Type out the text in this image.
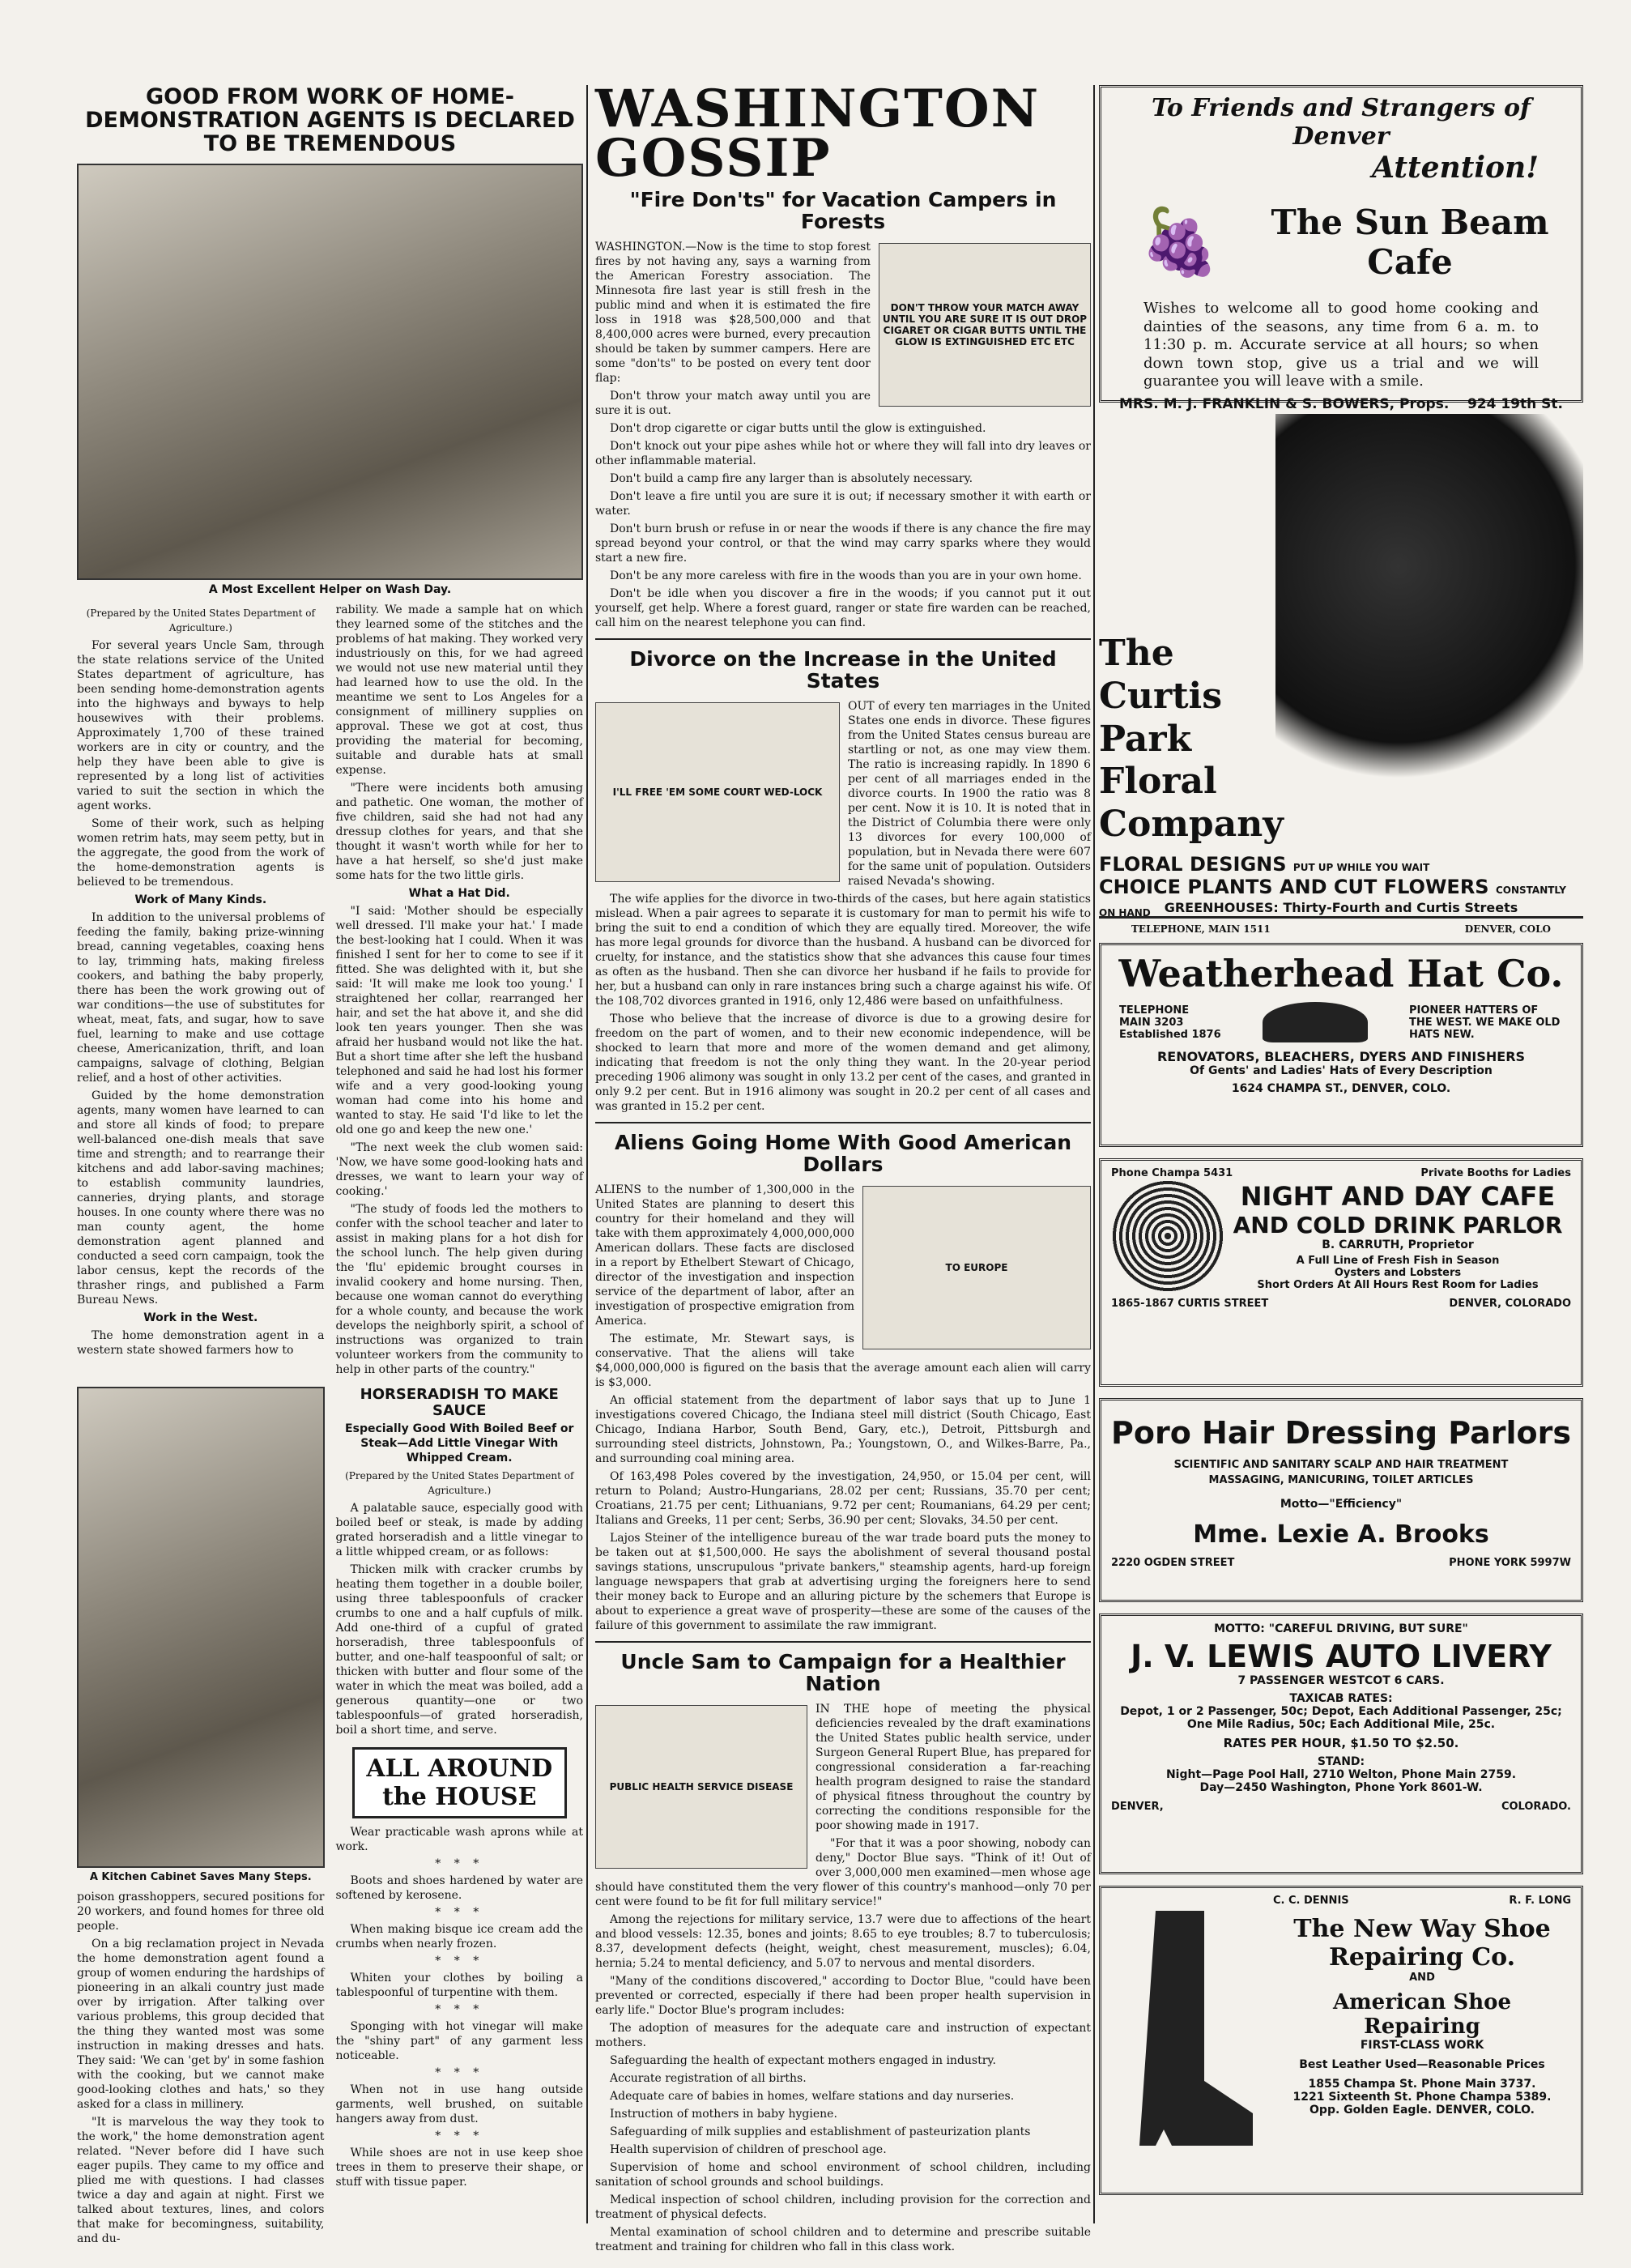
GOOD FROM WORK OF HOME-DEMONSTRATION AGENTS IS DECLARED TO BE TREMENDOUS
A Most Excellent Helper on Wash Day.

(Prepared by the United States Department of Agriculture.)

For several years Uncle Sam, through the state relations service of the United States department of agriculture, has been sending home-demonstration agents into the highways and byways to help housewives with their problems. Approximately 1,700 of these trained workers are in city or country, and the help they have been able to give is represented by a long list of activities varied to suit the section in which the agent works.

Some of their work, such as helping women retrim hats, may seem petty, but in the aggregate, the good from the work of the home-demonstration agents is believed to be tremendous.

Work of Many Kinds.

In addition to the universal problems of feeding the family, baking prize-winning bread, canning vegetables, coaxing hens to lay, trimming hats, making fireless cookers, and bathing the baby properly, there has been the work growing out of war conditions—the use of substitutes for wheat, meat, fats, and sugar, how to save fuel, learning to make and use cottage cheese, Americanization, thrift, and loan campaigns, salvage of clothing, Belgian relief, and a host of other activities.

Guided by the home demonstration agents, many women have learned to can and store all kinds of food; to prepare well-balanced one-dish meals that save time and strength; and to rearrange their kitchens and add labor-saving machines; to establish community laundries, canneries, drying plants, and storage houses. In one county where there was no man county agent, the home demonstration agent planned and conducted a seed corn campaign, took the labor census, kept the records of the thrasher rings, and published a Farm Bureau News.

Work in the West.

The home demonstration agent in a western state showed farmers how to

rability. We made a sample hat on which they learned some of the stitches and the problems of hat making. They worked very industriously on this, for we had agreed we would not use new material until they had learned how to use the old. In the meantime we sent to Los Angeles for a consignment of millinery supplies on approval. These we got at cost, thus providing the material for becoming, suitable and durable hats at small expense.

"There were incidents both amusing and pathetic. One woman, the mother of five children, said she had not had any dressup clothes for years, and that she thought it wasn't worth while for her to have a hat herself, so she'd just make some hats for the two little girls.

What a Hat Did.

"I said: 'Mother should be especially well dressed. I'll make your hat.' I made the best-looking hat I could. When it was finished I sent for her to come to see if it fitted. She was delighted with it, but she said: 'It will make me look too young.' I straightened her collar, rearranged her hair, and set the hat above it, and she did look ten years younger. Then she was afraid her husband would not like the hat. But a short time after she left the husband telephoned and said he had lost his former wife and a very good-looking young woman had come into his home and wanted to stay. He said 'I'd like to let the old one go and keep the new one.'

"The next week the club women said: 'Now, we have some good-looking hats and dresses, we want to learn your way of cooking.'

"The study of foods led the mothers to confer with the school teacher and later to assist in making plans for a hot dish for the school lunch. The help given during the 'flu' epidemic brought courses in invalid cookery and home nursing. Then, because one woman cannot do everything for a whole county, and because the work develops the neighborly spirit, a school of instructions was organized to train volunteer workers from the community to help in other parts of the country."

A Kitchen Cabinet Saves Many Steps.

poison grasshoppers, secured positions for 20 workers, and found homes for three old people.

On a big reclamation project in Nevada the home demonstration agent found a group of women enduring the hardships of pioneering in an alkali country just made over by irrigation. After talking over various problems, this group decided that the thing they wanted most was some instruction in making dresses and hats. They said: 'We can 'get by' in some fashion with the cooking, but we cannot make good-looking clothes and hats,' so they asked for a class in millinery.

"It is marvelous the way they took to the work," the home demonstration agent related. "Never before did I have such eager pupils. They came to my office and plied me with questions. I had classes twice a day and again at night. First we talked about textures, lines, and colors that make for becomingness, suitability, and du-

HORSERADISH TO MAKE SAUCE

Especially Good With Boiled Beef or Steak—Add Little Vinegar With Whipped Cream.

(Prepared by the United States Department of Agriculture.)

A palatable sauce, especially good with boiled beef or steak, is made by adding grated horseradish and a little vinegar to a little whipped cream, or as follows:

Thicken milk with cracker crumbs by heating them together in a double boiler, using three tablespoonfuls of cracker crumbs to one and a half cupfuls of milk. Add one-third of a cupful of grated horseradish, three tablespoonfuls of butter, and one-half teaspoonful of salt; or thicken with butter and flour some of the water in which the meat was boiled, add a generous quantity—one or two tablespoonfuls—of grated horseradish, boil a short time, and serve.

ALL AROUND the HOUSE

Wear practicable wash aprons while at work.

* * *

Boots and shoes hardened by water are softened by kerosene.

* * *

When making bisque ice cream add the crumbs when nearly frozen.

* * *

Whiten your clothes by boiling a tablespoonful of turpentine with them.

* * *

Sponging with hot vinegar will make the "shiny part" of any garment less noticeable.

* * *

When not in use hang outside garments, well brushed, on suitable hangers away from dust.

* * *

While shoes are not in use keep shoe trees in them to preserve their shape, or stuff with tissue paper.

WASHINGTON GOSSIP
"Fire Don'ts" for Vacation Campers in Forests
DON'T THROW YOUR MATCH AWAY UNTIL YOU ARE SURE IT IS OUT DROP CIGARET OR CIGAR BUTTS UNTIL THE GLOW IS EXTINGUISHED ETC ETC

WASHINGTON.—Now is the time to stop forest fires by not having any, says a warning from the American Forestry association. The Minnesota fire last year is still fresh in the public mind and when it is estimated the fire loss in 1918 was $28,500,000 and that 8,400,000 acres were burned, every precaution should be taken by summer campers. Here are some "don'ts" to be posted on every tent door flap:

Don't throw your match away until you are sure it is out.

Don't drop cigarette or cigar butts until the glow is extinguished.

Don't knock out your pipe ashes while hot or where they will fall into dry leaves or other inflammable material.

Don't build a camp fire any larger than is absolutely necessary.

Don't leave a fire until you are sure it is out; if necessary smother it with earth or water.

Don't burn brush or refuse in or near the woods if there is any chance the fire may spread beyond your control, or that the wind may carry sparks where they would start a new fire.

Don't be any more careless with fire in the woods than you are in your own home.

Don't be idle when you discover a fire in the woods; if you cannot put it out yourself, get help. Where a forest guard, ranger or state fire warden can be reached, call him on the nearest telephone you can find.

Divorce on the Increase in the United States
I'LL FREE 'EM SOME COURT WED-LOCK

OUT of every ten marriages in the United States one ends in divorce. These figures from the United States census bureau are startling or not, as one may view them. The ratio is increasing rapidly. In 1890 6 per cent of all marriages ended in the divorce courts. In 1900 the ratio was 8 per cent. Now it is 10. It is noted that in the District of Columbia there were only 13 divorces for every 100,000 of population, but in Nevada there were 607 for the same unit of population. Outsiders raised Nevada's showing.

The wife applies for the divorce in two-thirds of the cases, but here again statistics mislead. When a pair agrees to separate it is customary for man to permit his wife to bring the suit to end a condition of which they are equally tired. Moreover, the wife has more legal grounds for divorce than the husband. A husband can be divorced for cruelty, for instance, and the statistics show that she advances this cause four times as often as the husband. Then she can divorce her husband if he fails to provide for her, but a husband can only in rare instances bring such a charge against his wife. Of the 108,702 divorces granted in 1916, only 12,486 were based on unfaithfulness.

Those who believe that the increase of divorce is due to a growing desire for freedom on the part of women, and to their new economic independence, will be shocked to learn that more and more of the women demand and get alimony, indicating that freedom is not the only thing they want. In the 20-year period preceding 1906 alimony was sought in only 13.2 per cent of the cases, and granted in only 9.2 per cent. But in 1916 alimony was sought in 20.2 per cent of all cases and was granted in 15.2 per cent.

Aliens Going Home With Good American Dollars
TO EUROPE

ALIENS to the number of 1,300,000 in the United States are planning to desert this country for their homeland and they will take with them approximately 4,000,000,000 American dollars. These facts are disclosed in a report by Ethelbert Stewart of Chicago, director of the investigation and inspection service of the department of labor, after an investigation of prospective emigration from America.

The estimate, Mr. Stewart says, is conservative. That the aliens will take $4,000,000,000 is figured on the basis that the average amount each alien will carry is $3,000.

An official statement from the department of labor says that up to June 1 investigations covered Chicago, the Indiana steel mill district (South Chicago, East Chicago, Indiana Harbor, South Bend, Gary, etc.), Detroit, Pittsburgh and surrounding steel districts, Johnstown, Pa.; Youngstown, O., and Wilkes-Barre, Pa., and surrounding coal mining area.

Of 163,498 Poles covered by the investigation, 24,950, or 15.04 per cent, will return to Poland; Austro-Hungarians, 28.02 per cent; Russians, 35.70 per cent; Croatians, 21.75 per cent; Lithuanians, 9.72 per cent; Roumanians, 64.29 per cent; Italians and Greeks, 11 per cent; Serbs, 36.90 per cent; Slovaks, 34.50 per cent.

Lajos Steiner of the intelligence bureau of the war trade board puts the money to be taken out at $1,500,000. He says the abolishment of several thousand postal savings stations, unscrupulous "private bankers," steamship agents, hard-up foreign language newspapers that grab at advertising urging the foreigners here to send their money back to Europe and an alluring picture by the schemers that Europe is about to experience a great wave of prosperity—these are some of the causes of the failure of this government to assimilate the raw immigrant.

Uncle Sam to Campaign for a Healthier Nation
PUBLIC HEALTH SERVICE DISEASE

IN THE hope of meeting the physical deficiencies revealed by the draft examinations the United States public health service, under Surgeon General Rupert Blue, has prepared for congressional consideration a far-reaching health program designed to raise the standard of physical fitness throughout the country by correcting the conditions responsible for the poor showing made in 1917.

"For that it was a poor showing, nobody can deny," Doctor Blue says. "Think of it! Out of over 3,000,000 men examined—men whose age should have constituted them the very flower of this country's manhood—only 70 per cent were found to be fit for full military service!"

Among the rejections for military service, 13.7 were due to affections of the heart and blood vessels: 12.35, bones and joints; 8.65 to eye troubles; 8.7 to tuberculosis; 8.37, development defects (height, weight, chest measurement, muscles); 6.04, hernia; 5.24 to mental deficiency, and 5.07 to nervous and mental disorders.

"Many of the conditions discovered," according to Doctor Blue, "could have been prevented or corrected, especially if there had been proper health supervision in early life." Doctor Blue's program includes:

The adoption of measures for the adequate care and instruction of expectant mothers.

Safeguarding the health of expectant mothers engaged in industry.

Accurate registration of all births.

Adequate care of babies in homes, welfare stations and day nurseries.

Instruction of mothers in baby hygiene.

Safeguarding of milk supplies and establishment of pasteurization plants

Health supervision of children of preschool age.

Supervision of home and school environment of school children, including sanitation of school grounds and school buildings.

Medical inspection of school children, including provision for the correction and treatment of physical defects.

Mental examination of school children and to determine and prescribe suitable treatment and training for children who fall in this class work.

To Friends and Strangers of Denver
Attention!
🍇	The Sun Beam
Cafe
Wishes to welcome all to good home cooking and dainties of the seasons, any time from 6 a. m. to 11:30 p. m. Accurate service at all hours; so when down town stop, give us a trial and we will guarantee you will leave with a smile.
MRS. M. J. FRANKLIN & S. BOWERS, Props. 924 19th St.
The
Curtis
Park
Floral
Company
FLORAL DESIGNS PUT UP WHILE YOU WAIT
CHOICE PLANTS AND CUT FLOWERS CONSTANTLY ON HAND	GREENHOUSES: Thirty-Fourth and Curtis Streets
TELEPHONE, MAIN 1511	DENVER, COLO
Weatherhead Hat Co.
TELEPHONE
MAIN 3203
Established 1876
PIONEER HATTERS OF THE WEST. WE MAKE OLD HATS NEW.
RENOVATORS, BLEACHERS, DYERS AND FINISHERS
Of Gents' and Ladies' Hats of Every Description
1624 CHAMPA ST., DENVER, COLO.
Phone Champa 5431	Private Booths for Ladies
NIGHT AND DAY CAFE
AND COLD DRINK PARLOR
B. CARRUTH, Proprietor
A Full Line of Fresh Fish in Season
Oysters and Lobsters
Short Orders At All Hours Rest Room for Ladies
1865-1867 CURTIS STREET	DENVER, COLORADO
Poro Hair Dressing Parlors
SCIENTIFIC AND SANITARY SCALP AND HAIR TREATMENT
MASSAGING, MANICURING, TOILET ARTICLES
Motto—"Efficiency"
Mme. Lexie A. Brooks
2220 OGDEN STREET	PHONE YORK 5997W
MOTTO: "CAREFUL DRIVING, BUT SURE"
J. V. LEWIS AUTO LIVERY
7 PASSENGER WESTCOT 6 CARS.
TAXICAB RATES:
Depot, 1 or 2 Passenger, 50c; Depot, Each Additional Passenger, 25c; One Mile Radius, 50c; Each Additional Mile, 25c.
RATES PER HOUR, $1.50 TO $2.50.
STAND:
Night—Page Pool Hall, 2710 Welton, Phone Main 2759.
Day—2450 Washington, Phone York 8601-W.
DENVER,	COLORADO.
C. C. DENNIS	R. F. LONG
The New Way Shoe
Repairing Co.
AND
American Shoe Repairing
FIRST-CLASS WORK
Best Leather Used—Reasonable Prices
1855 Champa St. Phone Main 3737.
1221 Sixteenth St. Phone Champa 5389.
Opp. Golden Eagle. DENVER, COLO.
